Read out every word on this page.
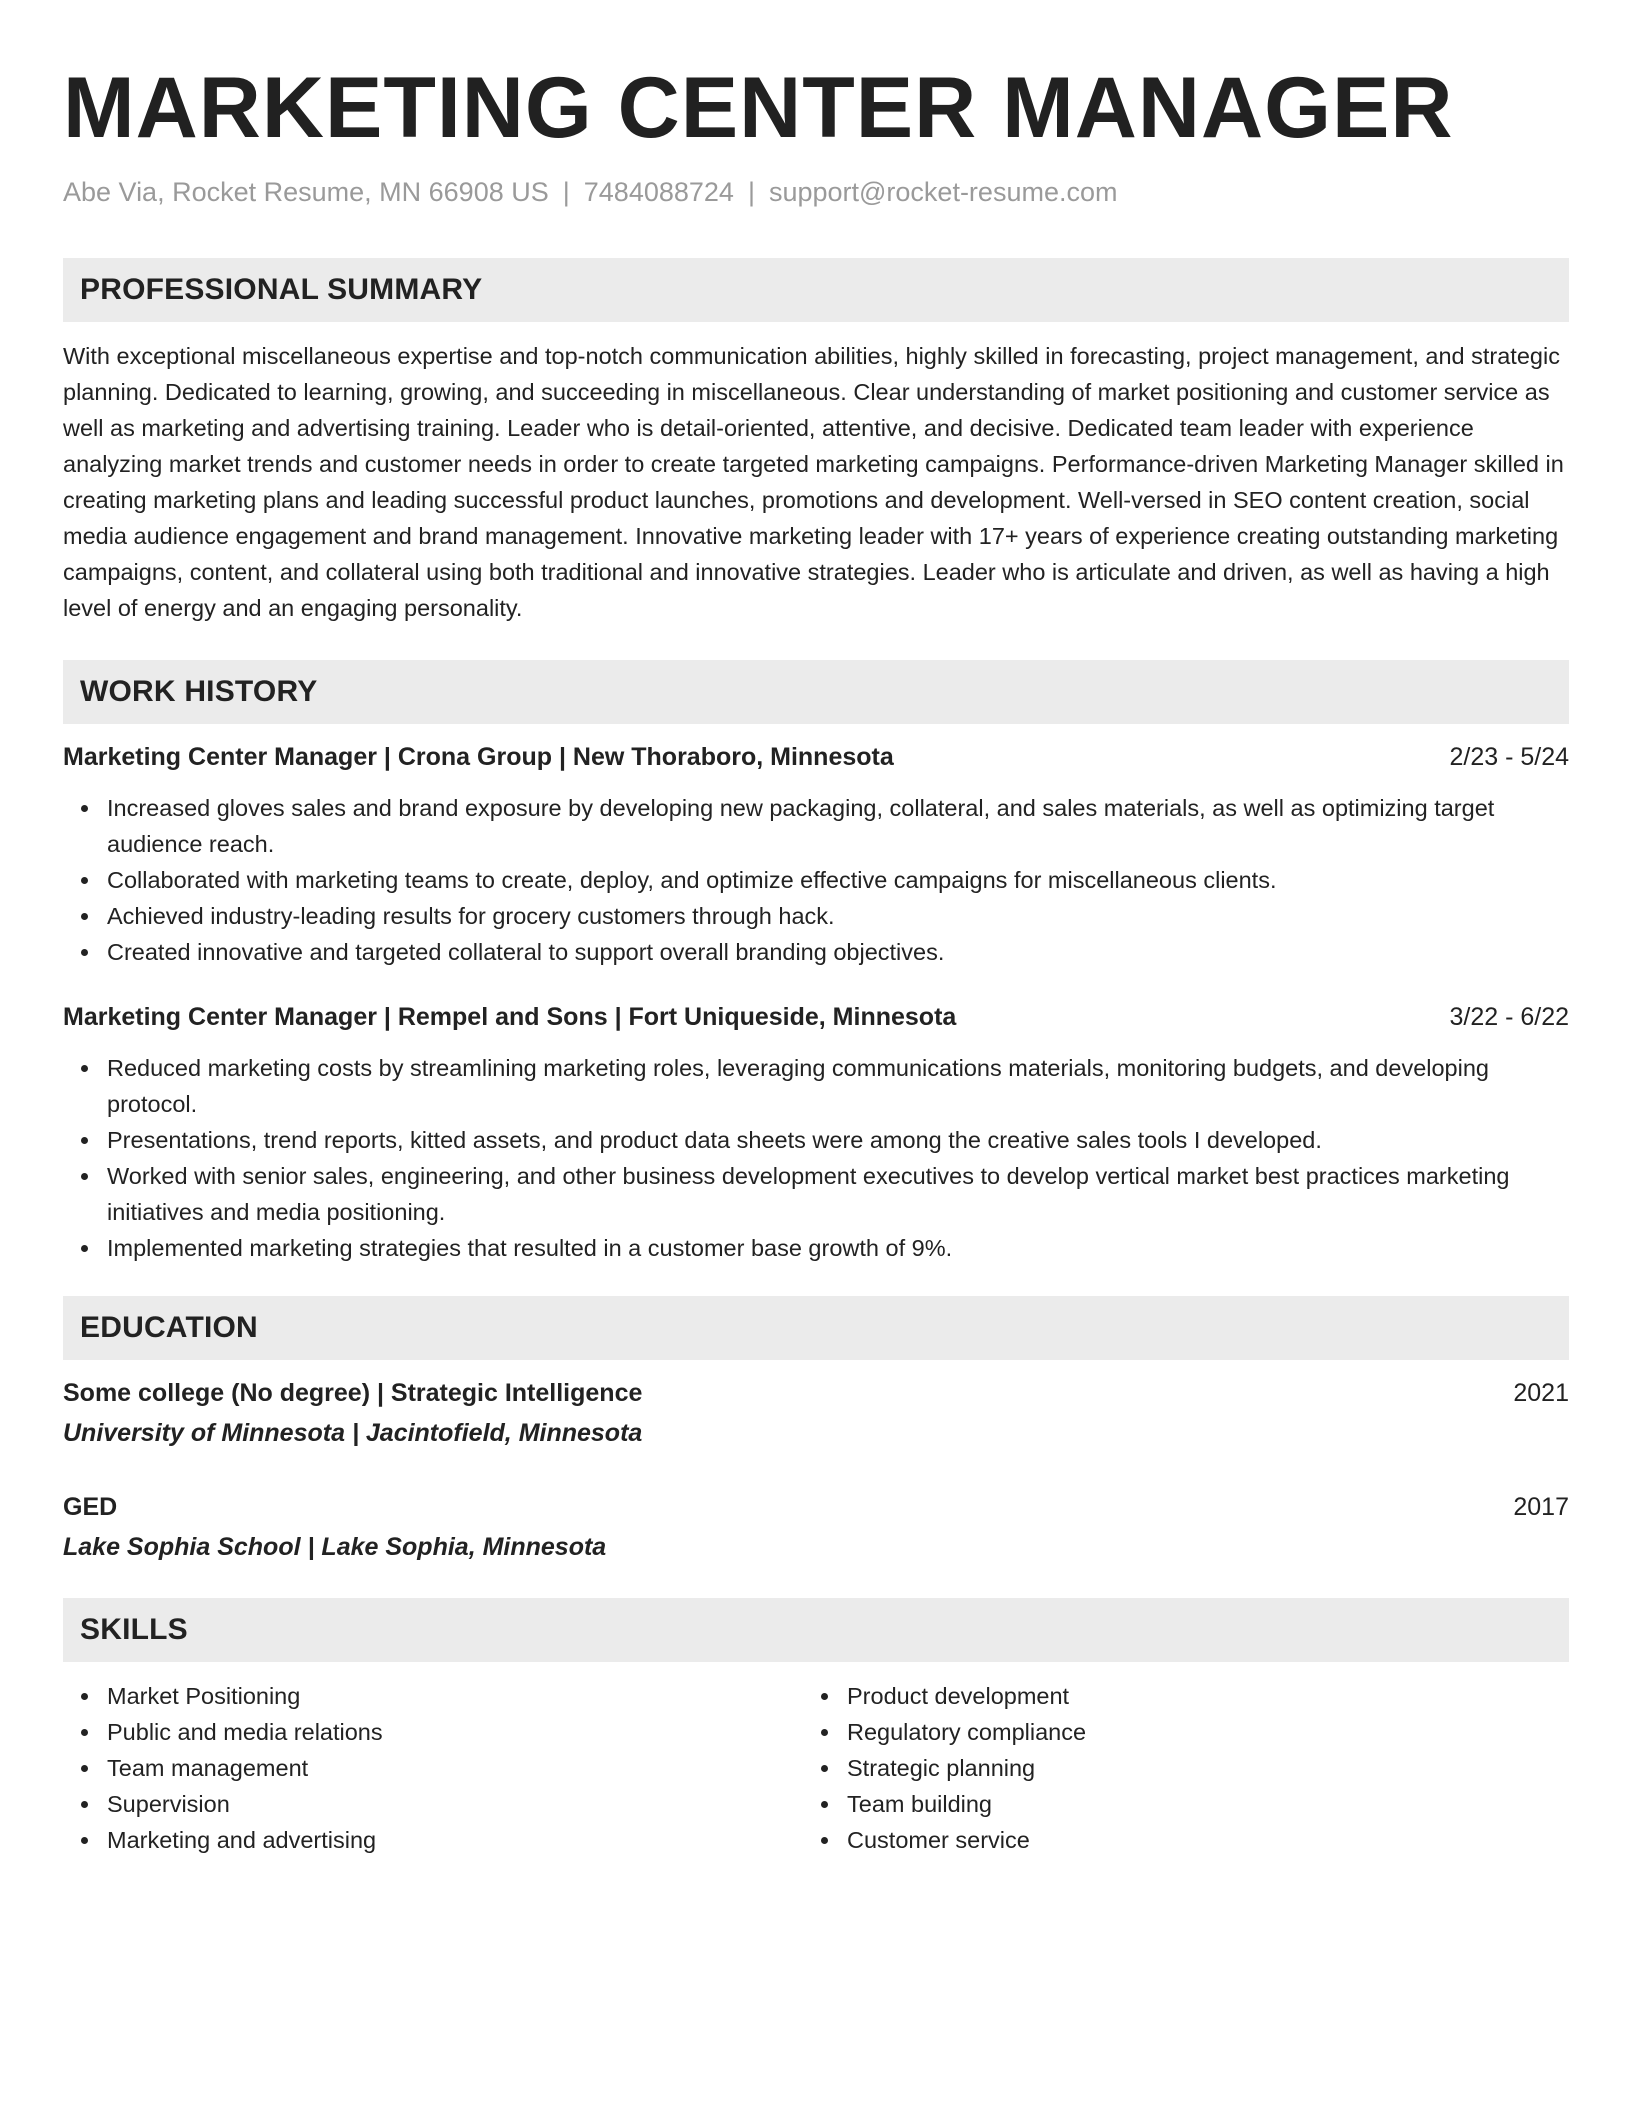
MARKETING CENTER MANAGER
Abe Via, Rocket Resume, MN 66908 US | 7484088724 | support@rocket-resume.com
PROFESSIONAL SUMMARY

With exceptional miscellaneous expertise and top-notch communication abilities, highly skilled in forecasting, project management, and strategic planning. Dedicated to learning, growing, and succeeding in miscellaneous. Clear understanding of market positioning and customer service as well as marketing and advertising training. Leader who is detail-oriented, attentive, and decisive. Dedicated team leader with experience analyzing market trends and customer needs in order to create targeted marketing campaigns. Performance-driven Marketing Manager skilled in creating marketing plans and leading successful product launches, promotions and development. Well-versed in SEO content creation, social media audience engagement and brand management. Innovative marketing leader with 17+ years of experience creating outstanding marketing campaigns, content, and collateral using both traditional and innovative strategies. Leader who is articulate and driven, as well as having a high level of energy and an engaging personality.

WORK HISTORY
Marketing Center Manager | Crona Group | New Thoraboro, Minnesota	2/23 - 5/24
Increased gloves sales and brand exposure by developing new packaging, collateral, and sales materials, as well as optimizing target audience reach.
Collaborated with marketing teams to create, deploy, and optimize effective campaigns for miscellaneous clients.
Achieved industry-leading results for grocery customers through hack.
Created innovative and targeted collateral to support overall branding objectives.
Marketing Center Manager | Rempel and Sons | Fort Uniqueside, Minnesota	3/22 - 6/22
Reduced marketing costs by streamlining marketing roles, leveraging communications materials, monitoring budgets, and developing protocol.
Presentations, trend reports, kitted assets, and product data sheets were among the creative sales tools I developed.
Worked with senior sales, engineering, and other business development executives to develop vertical market best practices marketing initiatives and media positioning.
Implemented marketing strategies that resulted in a customer base growth of 9%.
EDUCATION
Some college (No degree) | Strategic Intelligence	2021
University of Minnesota | Jacintofield, Minnesota
GED	2017
Lake Sophia School | Lake Sophia, Minnesota
SKILLS
Market Positioning
Public and media relations
Team management
Supervision
Marketing and advertising
Product development
Regulatory compliance
Strategic planning
Team building
Customer service
